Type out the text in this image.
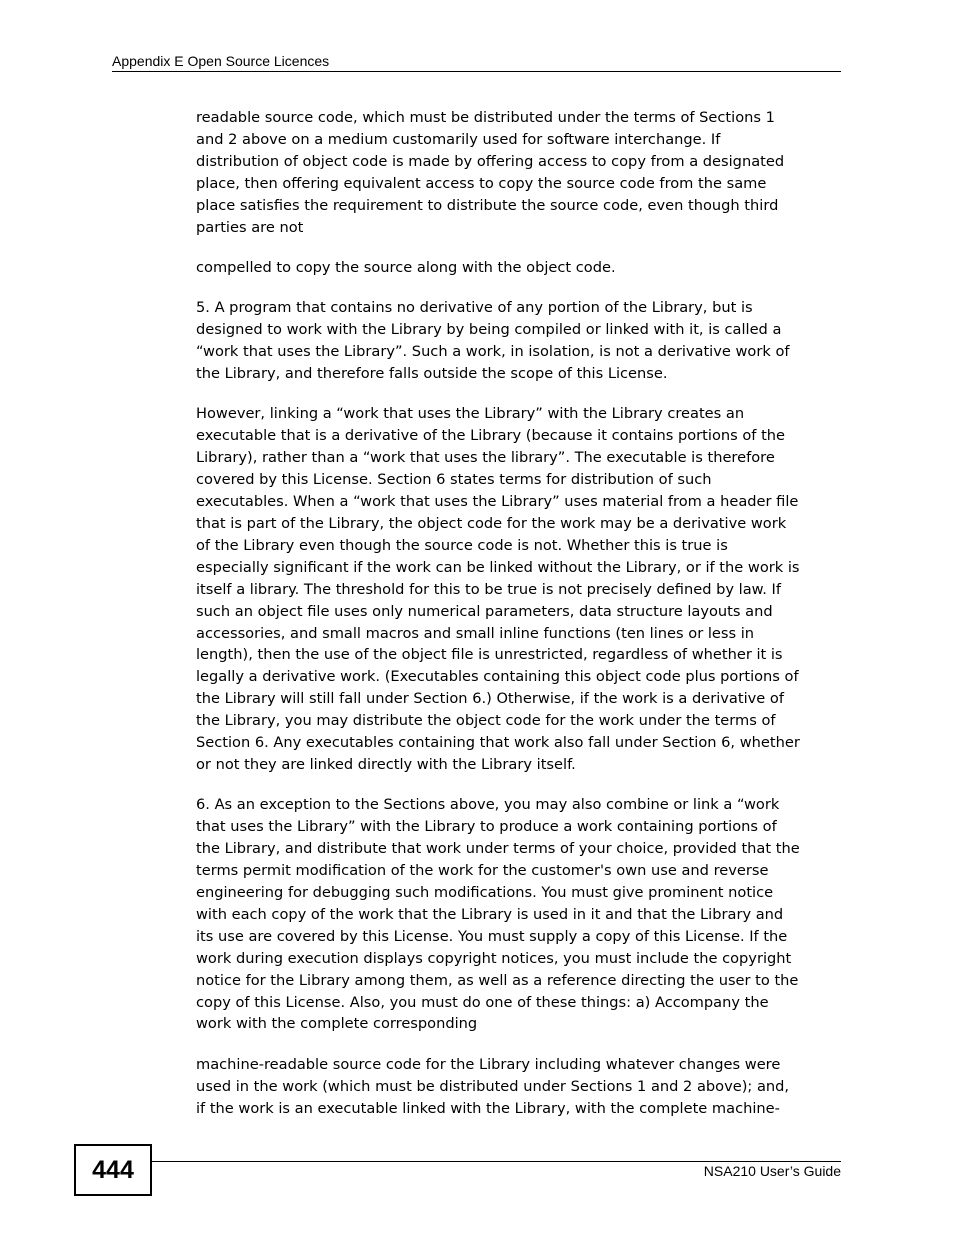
Appendix E Open Source Licences

readable source code, which must be distributed under the terms of Sections 1
and 2 above on a medium customarily used for software interchange. If
distribution of object code is made by offering access to copy from a designated
place, then offering equivalent access to copy the source code from the same
place satisfies the requirement to distribute the source code, even though third
parties are not

compelled to copy the source along with the object code.

5. A program that contains no derivative of any portion of the Library, but is
designed to work with the Library by being compiled or linked with it, is called a
“work that uses the Library”. Such a work, in isolation, is not a derivative work of
the Library, and therefore falls outside the scope of this License.

However, linking a “work that uses the Library” with the Library creates an
executable that is a derivative of the Library (because it contains portions of the
Library), rather than a “work that uses the library”. The executable is therefore
covered by this License. Section 6 states terms for distribution of such
executables. When a “work that uses the Library” uses material from a header file
that is part of the Library, the object code for the work may be a derivative work
of the Library even though the source code is not. Whether this is true is
especially significant if the work can be linked without the Library, or if the work is
itself a library. The threshold for this to be true is not precisely defined by law. If
such an object file uses only numerical parameters, data structure layouts and
accessories, and small macros and small inline functions (ten lines or less in
length), then the use of the object file is unrestricted, regardless of whether it is
legally a derivative work. (Executables containing this object code plus portions of
the Library will still fall under Section 6.) Otherwise, if the work is a derivative of
the Library, you may distribute the object code for the work under the terms of
Section 6. Any executables containing that work also fall under Section 6, whether
or not they are linked directly with the Library itself.

6. As an exception to the Sections above, you may also combine or link a “work
that uses the Library” with the Library to produce a work containing portions of
the Library, and distribute that work under terms of your choice, provided that the
terms permit modification of the work for the customer's own use and reverse
engineering for debugging such modifications. You must give prominent notice
with each copy of the work that the Library is used in it and that the Library and
its use are covered by this License. You must supply a copy of this License. If the
work during execution displays copyright notices, you must include the copyright
notice for the Library among them, as well as a reference directing the user to the
copy of this License. Also, you must do one of these things: a) Accompany the
work with the complete corresponding

machine-readable source code for the Library including whatever changes were
used in the work (which must be distributed under Sections 1 and 2 above); and,
if the work is an executable linked with the Library, with the complete machine-

444	NSA210 User’s Guide
